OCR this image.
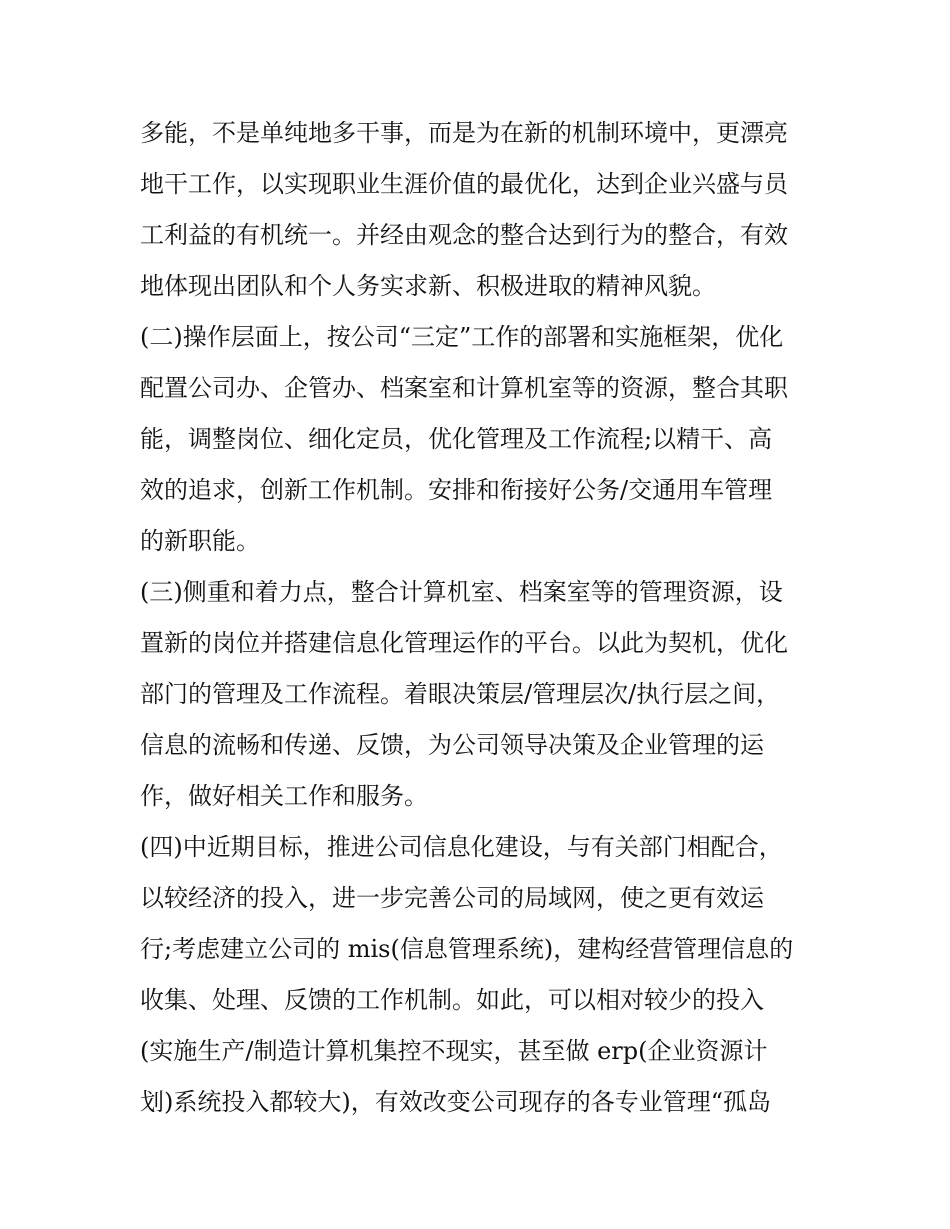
多能，不是单纯地多干事，而是为在新的机制环境中，更漂亮
地干工作，以实现职业生涯价值的最优化，达到企业兴盛与员
工利益的有机统一。并经由观念的整合达到行为的整合，有效
地体现出团队和个人务实求新、积极进取的精神风貌。
(二)操作层面上，按公司“三定”工作的部署和实施框架，优化
配置公司办、企管办、档案室和计算机室等的资源，整合其职
能，调整岗位、细化定员，优化管理及工作流程;以精干、高
效的追求，创新工作机制。安排和衔接好公务/交通用车管理
的新职能。
(三)侧重和着力点，整合计算机室、档案室等的管理资源，设
置新的岗位并搭建信息化管理运作的平台。以此为契机，优化
部门的管理及工作流程。着眼决策层/管理层次/执行层之间，
信息的流畅和传递、反馈，为公司领导决策及企业管理的运
作，做好相关工作和服务。
(四)中近期目标，推进公司信息化建设，与有关部门相配合，
以较经济的投入，进一步完善公司的局域网，使之更有效运
行;考虑建立公司的 mis(信息管理系统)，建构经营管理信息的
收集、处理、反馈的工作机制。如此，可以相对较少的投入
(实施生产/制造计算机集控不现实，甚至做 erp(企业资源计
划)系统投入都较大)，有效改变公司现存的各专业管理“孤岛
